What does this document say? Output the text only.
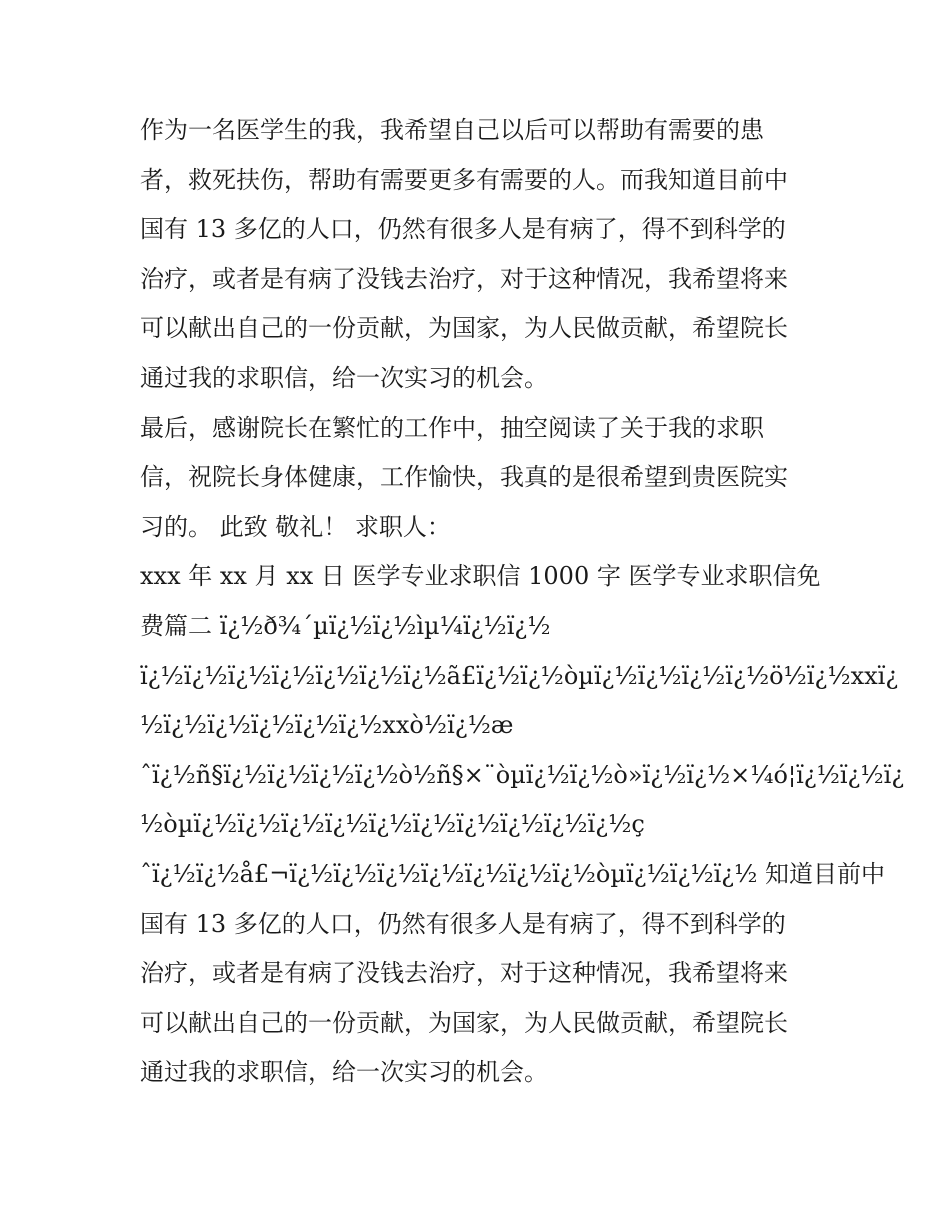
作为一名医学生的我，我希望自己以后可以帮助有需要的患
者，救死扶伤，帮助有需要更多有需要的人。而我知道目前中
国有 13 多亿的人口，仍然有很多人是有病了，得不到科学的
治疗，或者是有病了没钱去治疗，对于这种情况，我希望将来
可以献出自己的一份贡献，为国家，为人民做贡献，希望院长
通过我的求职信，给一次实习的机会。
最后，感谢院长在繁忙的工作中，抽空阅读了关于我的求职
信，祝院长身体健康，工作愉快，我真的是很希望到贵医院实
习的。 此致 敬礼！ 求职人：
xxx 年 xx 月 xx 日 医学专业求职信 1000 字 医学专业求职信免
费篇二 ï¿½ð¾´µï¿½ï¿½ìµ¼ï¿½ï¿½
ï¿½ï¿½ï¿½ï¿½ï¿½ï¿½ï¿½ã£ï¿½ï¿½òµï¿½ï¿½ï¿½ï¿½ö½ï¿½xxï¿
½ï¿½ï¿½ï¿½ï¿½ï¿½xxò½ï¿½æ
ˆï¿½ñ§ï¿½ï¿½ï¿½ï¿½ò½ñ§×¨òµï¿½ï¿½ò»ï¿½ï¿½×¼ó¦ï¿½ï¿½ï¿
½òµï¿½ï¿½ï¿½ï¿½ï¿½ï¿½ï¿½ï¿½ï¿½ï¿½ç
ˆï¿½ï¿½å£¬ï¿½ï¿½ï¿½ï¿½ï¿½ï¿½ï¿½òµï¿½ï¿½ï¿½ 知道目前中
国有 13 多亿的人口，仍然有很多人是有病了，得不到科学的
治疗，或者是有病了没钱去治疗，对于这种情况，我希望将来
可以献出自己的一份贡献，为国家，为人民做贡献，希望院长
通过我的求职信，给一次实习的机会。
